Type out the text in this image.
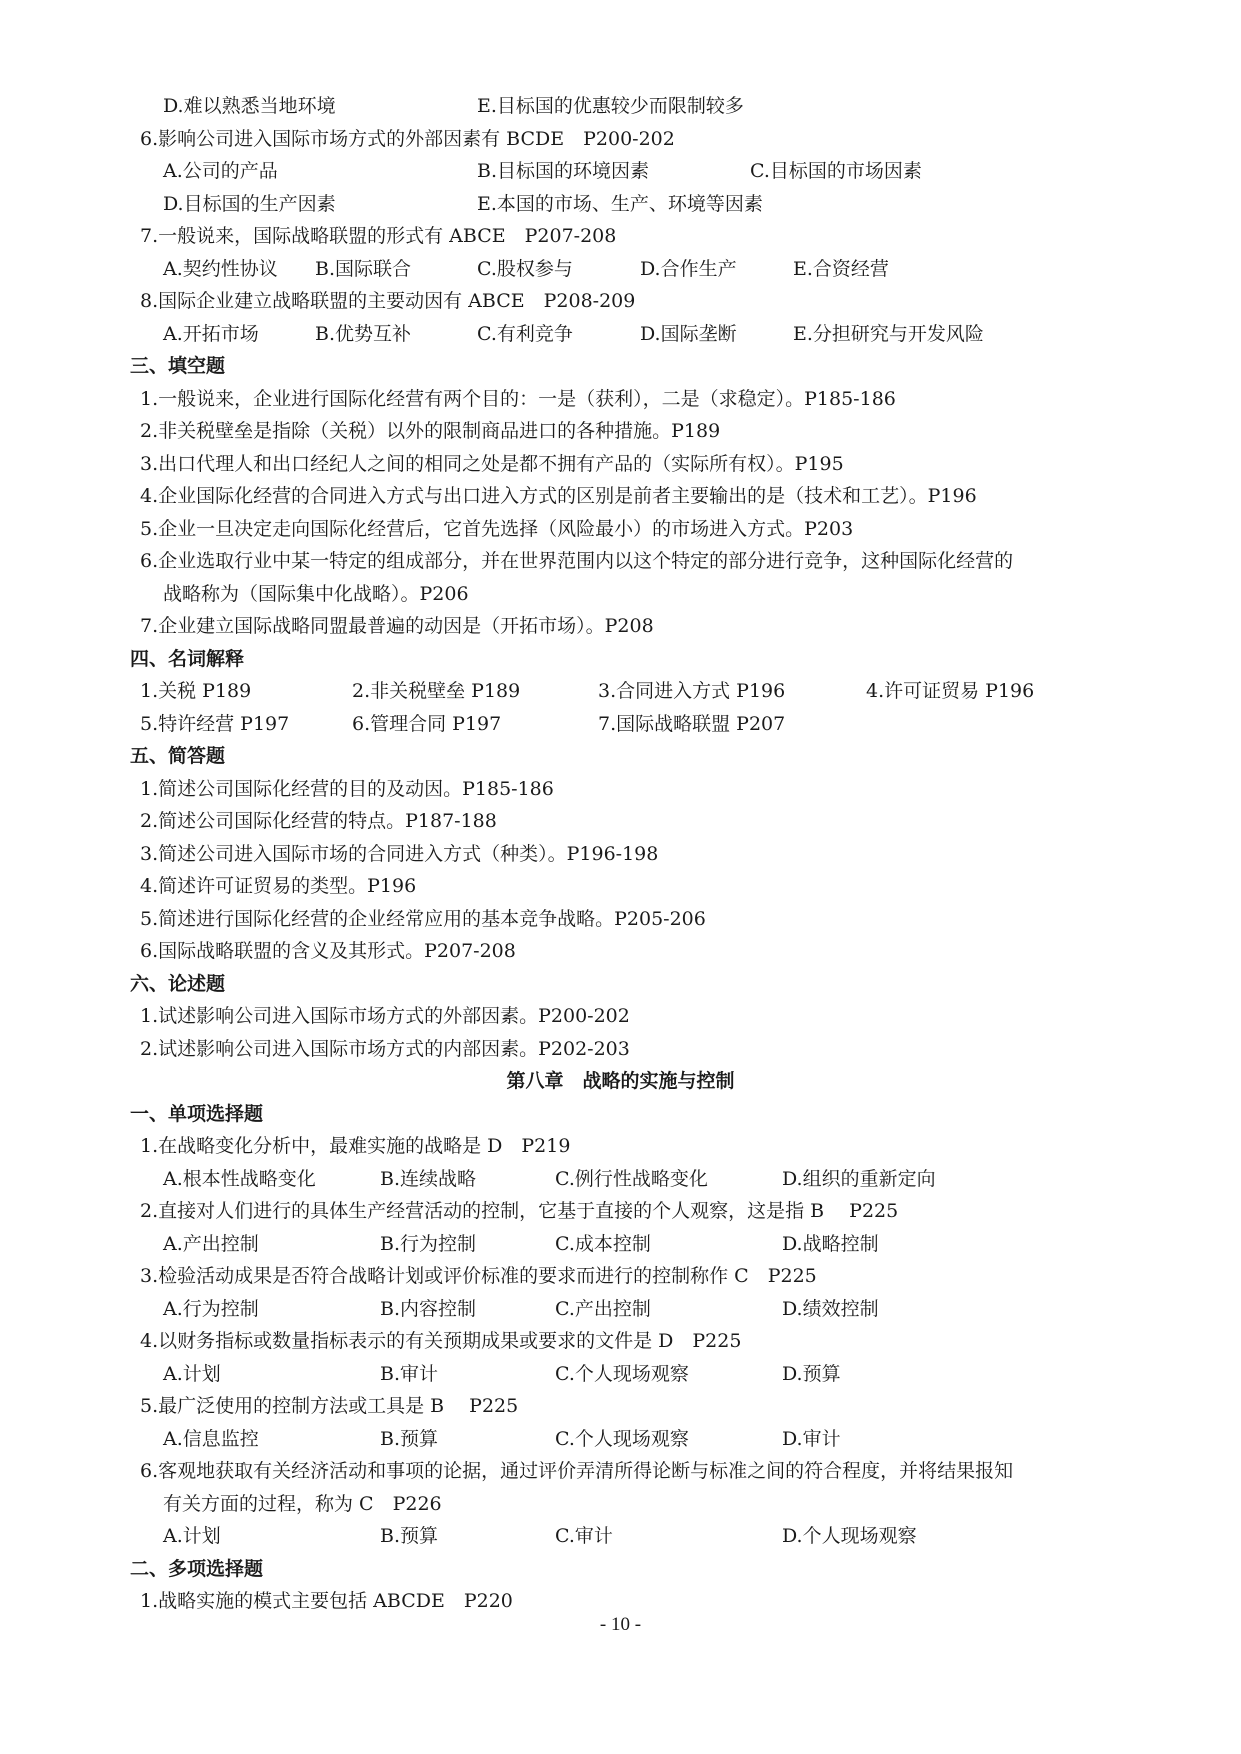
D.难以熟悉当地环境	E.目标国的优惠较少而限制较多
6.影响公司进入国际市场方式的外部因素有 BCDE　P200-202
A.公司的产品	B.目标国的环境因素	C.目标国的市场因素
D.目标国的生产因素	E.本国的市场、生产、环境等因素
7.一般说来，国际战略联盟的形式有 ABCE　P207-208
A.契约性协议 B.国际联合	C.股权参与	D.合作生产	E.合资经营
8.国际企业建立战略联盟的主要动因有 ABCE　P208-209
A.开拓市场	B.优势互补	C.有利竞争	D.国际垄断	E.分担研究与开发风险
三、填空题
1.一般说来，企业进行国际化经营有两个目的：一是（获利），二是（求稳定）。P185-186
2.非关税壁垒是指除（关税）以外的限制商品进口的各种措施。P189
3.出口代理人和出口经纪人之间的相同之处是都不拥有产品的（实际所有权）。P195
4.企业国际化经营的合同进入方式与出口进入方式的区别是前者主要输出的是（技术和工艺）。P196
5.企业一旦决定走向国际化经营后，它首先选择（风险最小）的市场进入方式。P203
6.企业选取行业中某一特定的组成部分，并在世界范围内以这个特定的部分进行竞争，这种国际化经营的
战略称为（国际集中化战略）。P206
7.企业建立国际战略同盟最普遍的动因是（开拓市场）。P208
四、名词解释
1.关税 P189	2.非关税壁垒 P189	3.合同进入方式 P196	4.许可证贸易 P196
5.特许经营 P197	6.管理合同 P197	7.国际战略联盟 P207
五、简答题
1.简述公司国际化经营的目的及动因。P185-186
2.简述公司国际化经营的特点。P187-188
3.简述公司进入国际市场的合同进入方式（种类）。P196-198
4.简述许可证贸易的类型。P196
5.简述进行国际化经营的企业经常应用的基本竞争战略。P205-206
6.国际战略联盟的含义及其形式。P207-208
六、论述题
1.试述影响公司进入国际市场方式的外部因素。P200-202
2.试述影响公司进入国际市场方式的内部因素。P202-203
第八章　战略的实施与控制
一、单项选择题
1.在战略变化分析中，最难实施的战略是 D　P219
A.根本性战略变化	B.连续战略	C.例行性战略变化	D.组织的重新定向
2.直接对人们进行的具体生产经营活动的控制，它基于直接的个人观察，这是指 B　 P225
A.产出控制	B.行为控制	C.成本控制	D.战略控制
3.检验活动成果是否符合战略计划或评价标准的要求而进行的控制称作 C　P225
A.行为控制	B.内容控制	C.产出控制	D.绩效控制
4.以财务指标或数量指标表示的有关预期成果或要求的文件是 D　P225
A.计划	B.审计	C.个人现场观察	D.预算
5.最广泛使用的控制方法或工具是 B　 P225
A.信息监控	B.预算	C.个人现场观察	D.审计
6.客观地获取有关经济活动和事项的论据，通过评价弄清所得论断与标准之间的符合程度，并将结果报知
有关方面的过程，称为 C　P226
A.计划	B.预算	C.审计	D.个人现场观察
二、多项选择题
1.战略实施的模式主要包括 ABCDE　P220
- 10 -
